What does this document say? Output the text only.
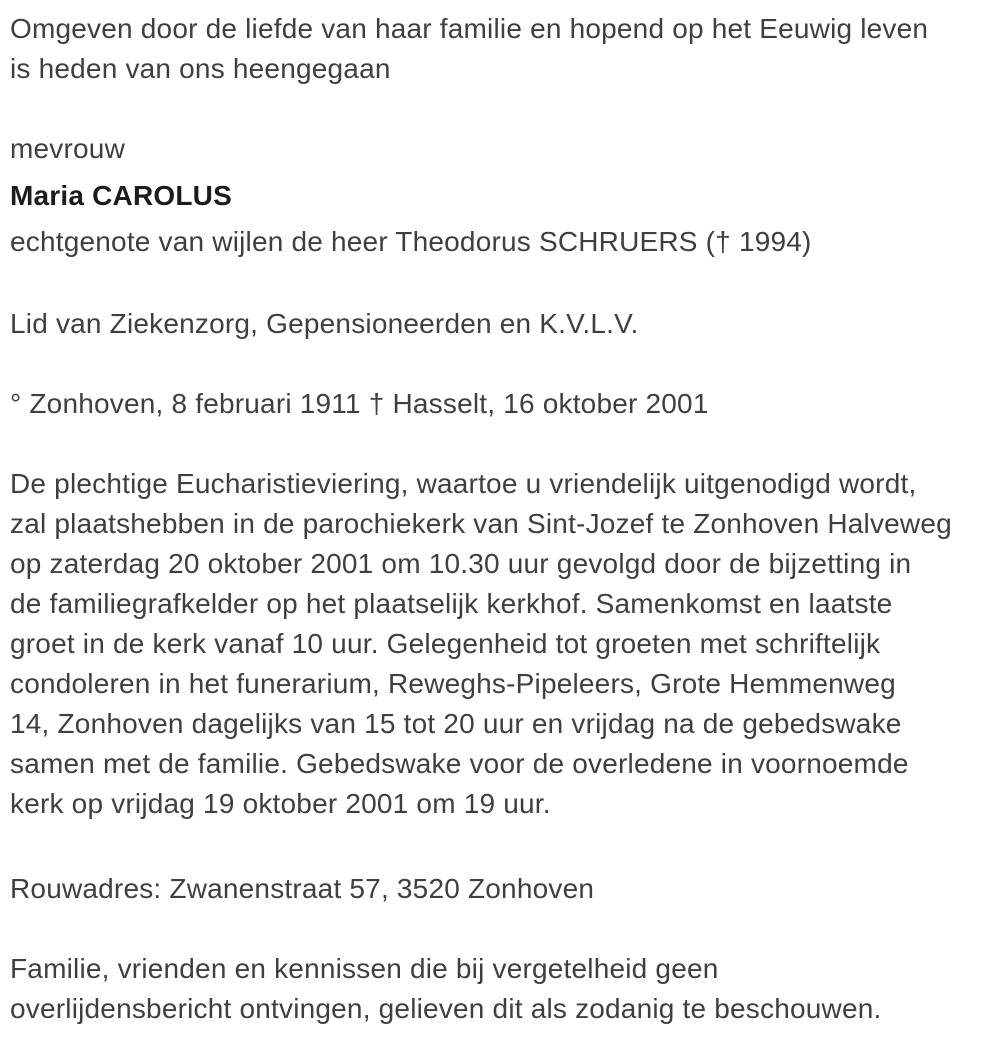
Omgeven door de liefde van haar familie en hopend op het Eeuwig leven
is heden van ons heengegaan

mevrouw

Maria CAROLUS

echtgenote van wijlen de heer Theodorus SCHRUERS († 1994)

Lid van Ziekenzorg, Gepensioneerden en K.V.L.V.

° Zonhoven, 8 februari 1911 † Hasselt, 16 oktober 2001

De plechtige Eucharistieviering, waartoe u vriendelijk uitgenodigd wordt,
zal plaatshebben in de parochiekerk van Sint-Jozef te Zonhoven Halveweg
op zaterdag 20 oktober 2001 om 10.30 uur gevolgd door de bijzetting in
de familiegrafkelder op het plaatselijk kerkhof. Samenkomst en laatste
groet in de kerk vanaf 10 uur. Gelegenheid tot groeten met schriftelijk
condoleren in het funerarium, Reweghs-Pipeleers, Grote Hemmenweg
14, Zonhoven dagelijks van 15 tot 20 uur en vrijdag na de gebedswake
samen met de familie. Gebedswake voor de overledene in voornoemde
kerk op vrijdag 19 oktober 2001 om 19 uur.

Rouwadres: Zwanenstraat 57, 3520 Zonhoven

Familie, vrienden en kennissen die bij vergetelheid geen
overlijdensbericht ontvingen, gelieven dit als zodanig te beschouwen.
